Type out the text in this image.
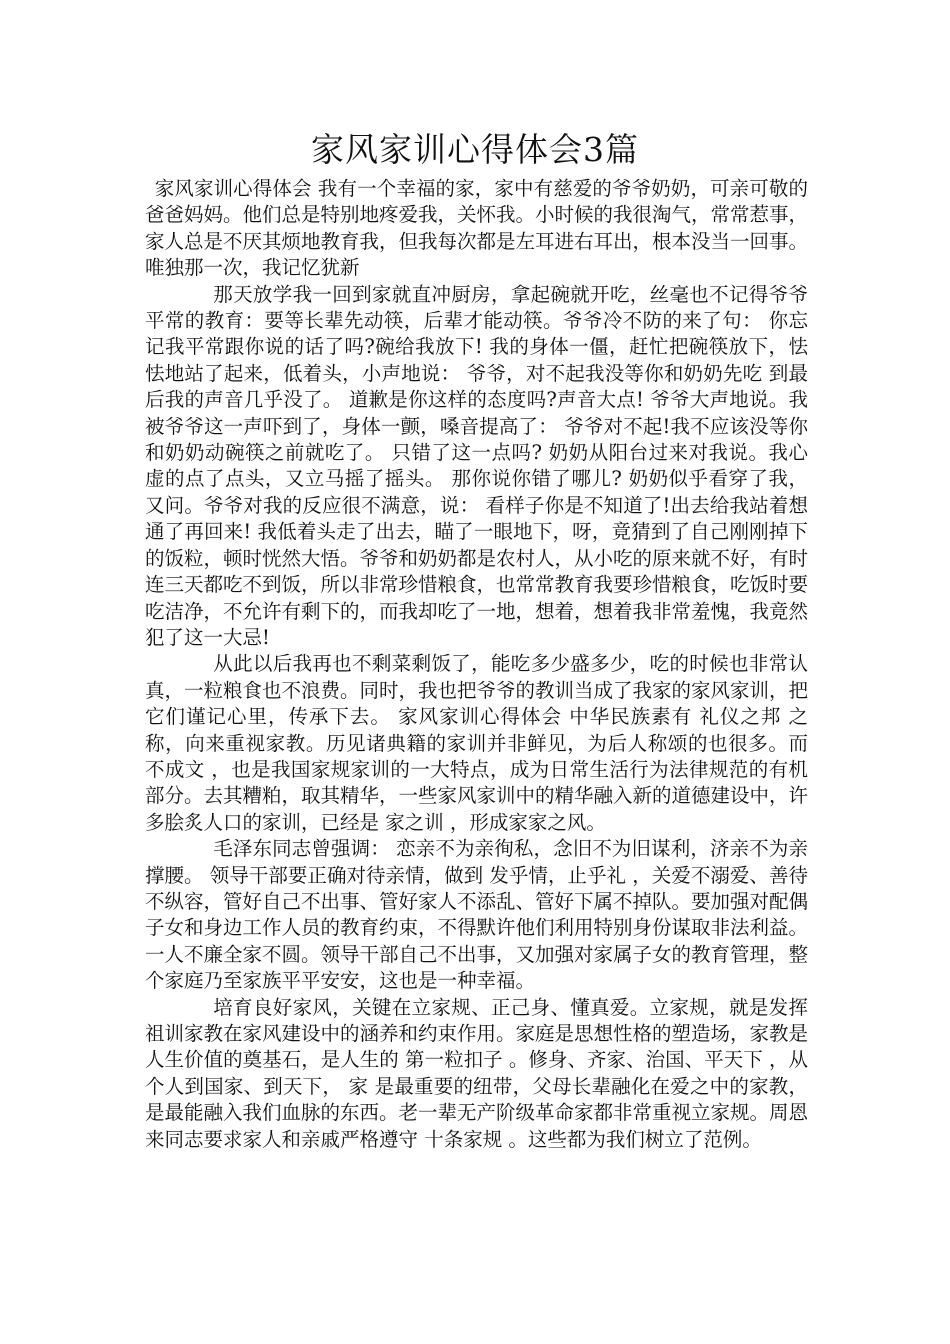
家风家训心得体会3篇

家风家训心得体会 我有一个幸福的家，家中有慈爱的爷爷奶奶，可亲可敬的爸爸妈妈。他们总是特别地疼爱我，关怀我。小时候的我很淘气，常常惹事，家人总是不厌其烦地教育我，但我每次都是左耳进右耳出，根本没当一回事。唯独那一次，我记忆犹新

那天放学我一回到家就直冲厨房，拿起碗就开吃，丝毫也不记得爷爷平常的教育：要等长辈先动筷，后辈才能动筷。爷爷冷不防的来了句： 你忘记我平常跟你说的话了吗?碗给我放下! 我的身体一僵，赶忙把碗筷放下，怯怯地站了起来，低着头，小声地说： 爷爷，对不起我没等你和奶奶先吃 到最后我的声音几乎没了。 道歉是你这样的态度吗?声音大点! 爷爷大声地说。我被爷爷这一声吓到了，身体一颤，嗓音提高了： 爷爷对不起!我不应该没等你和奶奶动碗筷之前就吃了。 只错了这一点吗? 奶奶从阳台过来对我说。我心虚的点了点头，又立马摇了摇头。 那你说你错了哪儿? 奶奶似乎看穿了我，又问。爷爷对我的反应很不满意，说： 看样子你是不知道了!出去给我站着想通了再回来! 我低着头走了出去，瞄了一眼地下，呀，竟猜到了自己刚刚掉下的饭粒，顿时恍然大悟。爷爷和奶奶都是农村人，从小吃的原来就不好，有时连三天都吃不到饭，所以非常珍惜粮食，也常常教育我要珍惜粮食，吃饭时要吃洁净，不允许有剩下的，而我却吃了一地，想着，想着我非常羞愧，我竟然犯了这一大忌!

从此以后我再也不剩菜剩饭了，能吃多少盛多少，吃的时候也非常认真，一粒粮食也不浪费。同时，我也把爷爷的教训当成了我家的家风家训，把它们谨记心里，传承下去。 家风家训心得体会 中华民族素有 礼仪之邦 之称，向来重视家教。历见诸典籍的家训并非鲜见，为后人称颂的也很多。而 不成文 ，也是我国家规家训的一大特点，成为日常生活行为法律规范的有机部分。去其糟粕，取其精华，一些家风家训中的精华融入新的道德建设中，许多脍炙人口的家训，已经是 家之训 ，形成家家之风。

毛泽东同志曾强调： 恋亲不为亲徇私，念旧不为旧谋利，济亲不为亲撑腰。 领导干部要正确对待亲情，做到 发乎情，止乎礼 ，关爱不溺爱、善待不纵容，管好自己不出事、管好家人不添乱、管好下属不掉队。要加强对配偶子女和身边工作人员的教育约束，不得默许他们利用特别身份谋取非法利益。一人不廉全家不圆。领导干部自己不出事，又加强对家属子女的教育管理，整个家庭乃至家族平平安安，这也是一种幸福。

培育良好家风，关键在立家规、正己身、懂真爱。立家规，就是发挥祖训家教在家风建设中的涵养和约束作用。家庭是思想性格的塑造场，家教是人生价值的奠基石，是人生的 第一粒扣子 。修身、齐家、治国、平天下 ，从个人到国家、到天下， 家 是最重要的纽带，父母长辈融化在爱之中的家教，是最能融入我们血脉的东西。老一辈无产阶级革命家都非常重视立家规。周恩来同志要求家人和亲戚严格遵守 十条家规 。这些都为我们树立了范例。
